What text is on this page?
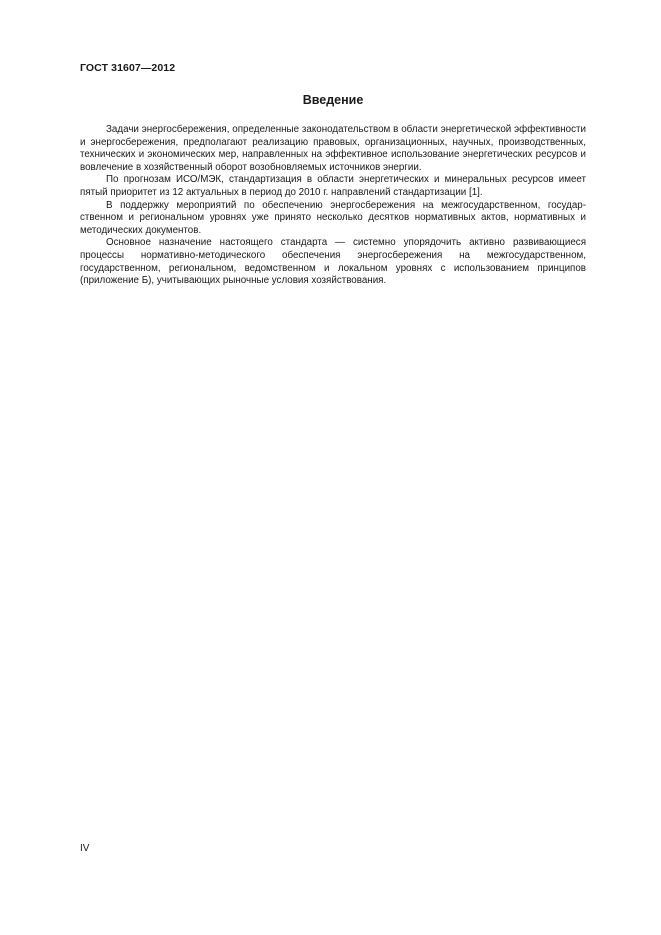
ГОСТ 31607—2012
Введение

Задачи энергосбережения, определенные законодательством в области энергетической эффективности и энергосбережения, предполагают реализацию правовых, организационных, научных, производственных, технических и экономических мер, направленных на эффективное использование энергетических ресурсов и вовлечение в хозяйственный оборот возобновляемых источников энергии.

По прогнозам ИСО/МЭК, стандартизация в области энергетических и минеральных ресурсов имеет пятый приоритет из 12 актуальных в период до 2010 г. направлений стандартизации [1].

В поддержку мероприятий по обеспечению энергосбережения на межгосударственном, государственном и региональном уровнях уже принято несколько десятков нормативных актов, нормативных и методических документов.

Основное назначение настоящего стандарта — системно упорядочить активно развивающиеся процессы нормативно-методического обеспечения энергосбережения на межгосударственном, государственном, региональном, ведомственном и локальном уровнях с использованием принципов (приложение Б), учитывающих рыночные условия хозяйствования.

IV
